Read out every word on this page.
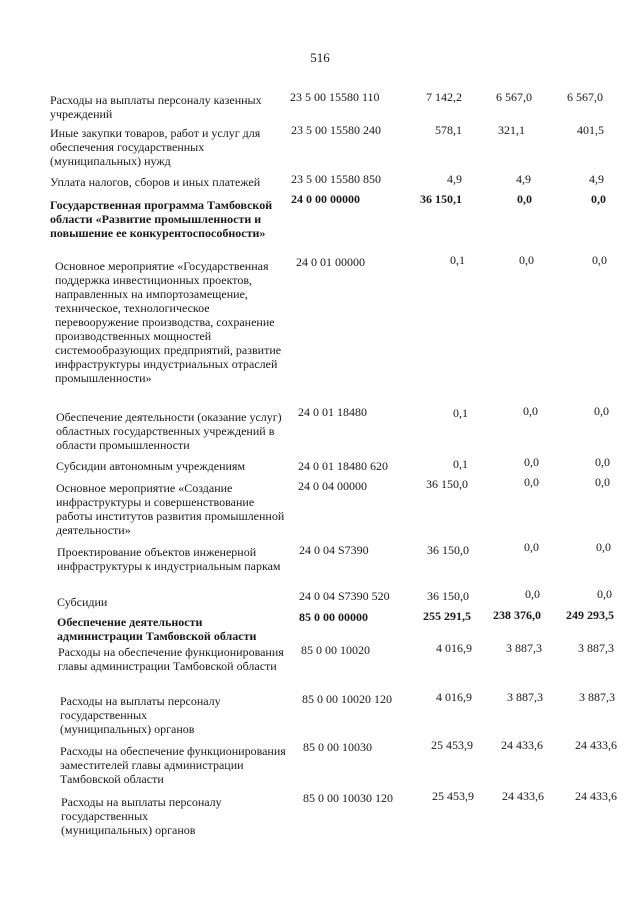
516
Расходы на выплаты персоналу казенных учреждений
23 5 00 15580 110	7 142,2	6 567,0	6 567,0
Иные закупки товаров, работ и услуг для обеспечения государственных (муниципальных) нужд
23 5 00 15580 240	578,1	321,1	401,5
Уплата налогов, сборов и иных платежей	23 5 00 15580 850	4,9	4,9	4,9
Государственная программа Тамбовской области «Развитие промышленности и повышение ее конкурентоспособности»
24 0 00 00000	36 150,1	0,0	0,0
Основное мероприятие «Государственная поддержка инвестиционных проектов, направленных на импортозамещение, техническое, технологическое перевооружение производства, сохранение производственных мощностей системообразующих предприятий, развитие инфраструктуры индустриальных отраслей промышленности»
24 0 01 00000	0,1	0,0	0,0
Обеспечение деятельности (оказание услуг) областных государственных учреждений в области промышленности
24 0 01 18480	0,1	0,0	0,0
Субсидии автономным учреждениям	24 0 01 18480 620	0,1	0,0	0,0
Основное мероприятие «Создание инфраструктуры и совершенствование работы институтов развития промышленной деятельности»
24 0 04 00000	36 150,0	0,0	0,0
Проектирование объектов инженерной инфраструктуры к индустриальным паркам
24 0 04 S7390	36 150,0	0,0	0,0
Субсидии	24 0 04 S7390 520	36 150,0	0,0	0,0
Обеспечение деятельности администрации Тамбовской области
85 0 00 00000	255 291,5	238 376,0	249 293,5
Расходы на обеспечение функционирования главы администрации Тамбовской области
85 0 00 10020	4 016,9	3 887,3	3 887,3
Расходы на выплаты персоналу государственных (муниципальных) органов
85 0 00 10020 120	4 016,9	3 887,3	3 887,3
Расходы на обеспечение функционирования заместителей главы администрации Тамбовской области
85 0 00 10030	25 453,9	24 433,6	24 433,6
Расходы на выплаты персоналу государственных (муниципальных) органов
85 0 00 10030 120	25 453,9	24 433,6	24 433,6
